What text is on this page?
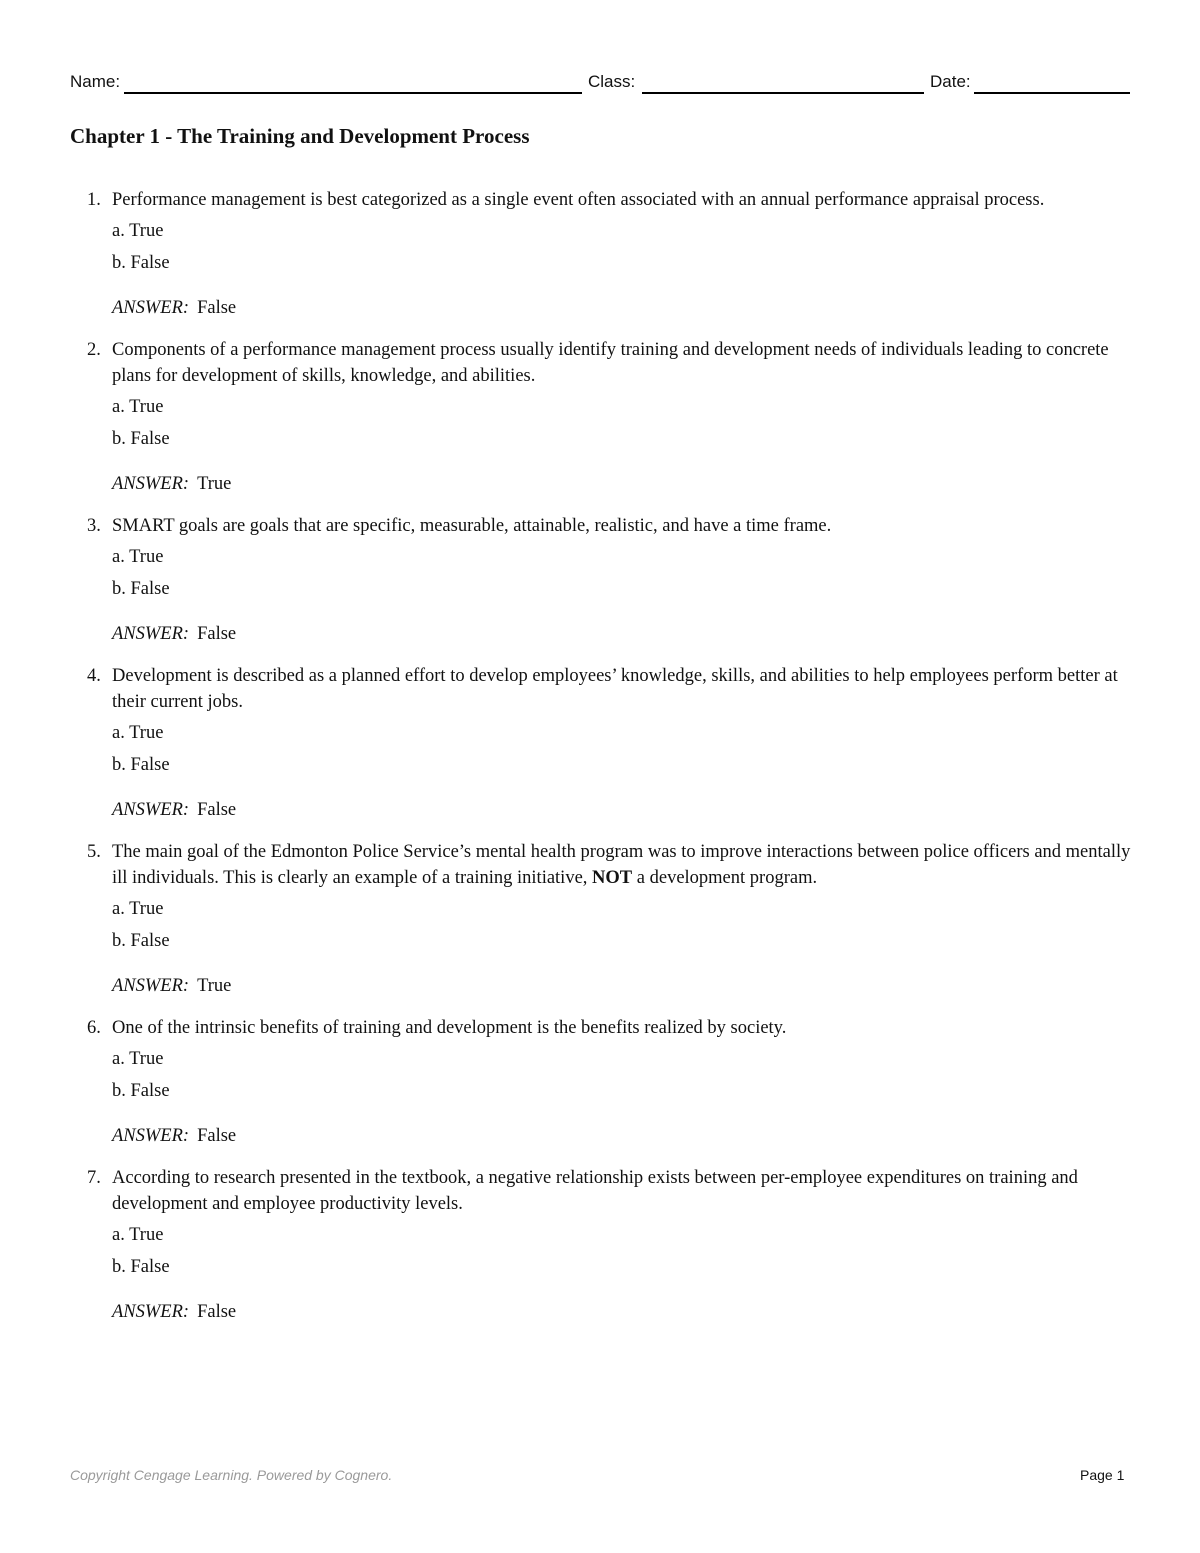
Name:	Class:	Date:
Chapter 1 - The Training and Development Process
1. Performance management is best categorized as a single event often associated with an annual performance appraisal process.
a. True
b. False
ANSWER: False
2. Components of a performance management process usually identify training and development needs of individuals leading to concrete plans for development of skills, knowledge, and abilities.
a. True
b. False
ANSWER: True
3. SMART goals are goals that are specific, measurable, attainable, realistic, and have a time frame.
a. True
b. False
ANSWER: False
4. Development is described as a planned effort to develop employees’ knowledge, skills, and abilities to help employees perform better at their current jobs.
a. True
b. False
ANSWER: False
5. The main goal of the Edmonton Police Service’s mental health program was to improve interactions between police officers and mentally ill individuals. This is clearly an example of a training initiative, NOT a development program.
a. True
b. False
ANSWER: True
6. One of the intrinsic benefits of training and development is the benefits realized by society.
a. True
b. False
ANSWER: False
7. According to research presented in the textbook, a negative relationship exists between per-employee expenditures on training and development and employee productivity levels.
a. True
b. False
ANSWER: False
Copyright Cengage Learning. Powered by Cognero.	Page 1
